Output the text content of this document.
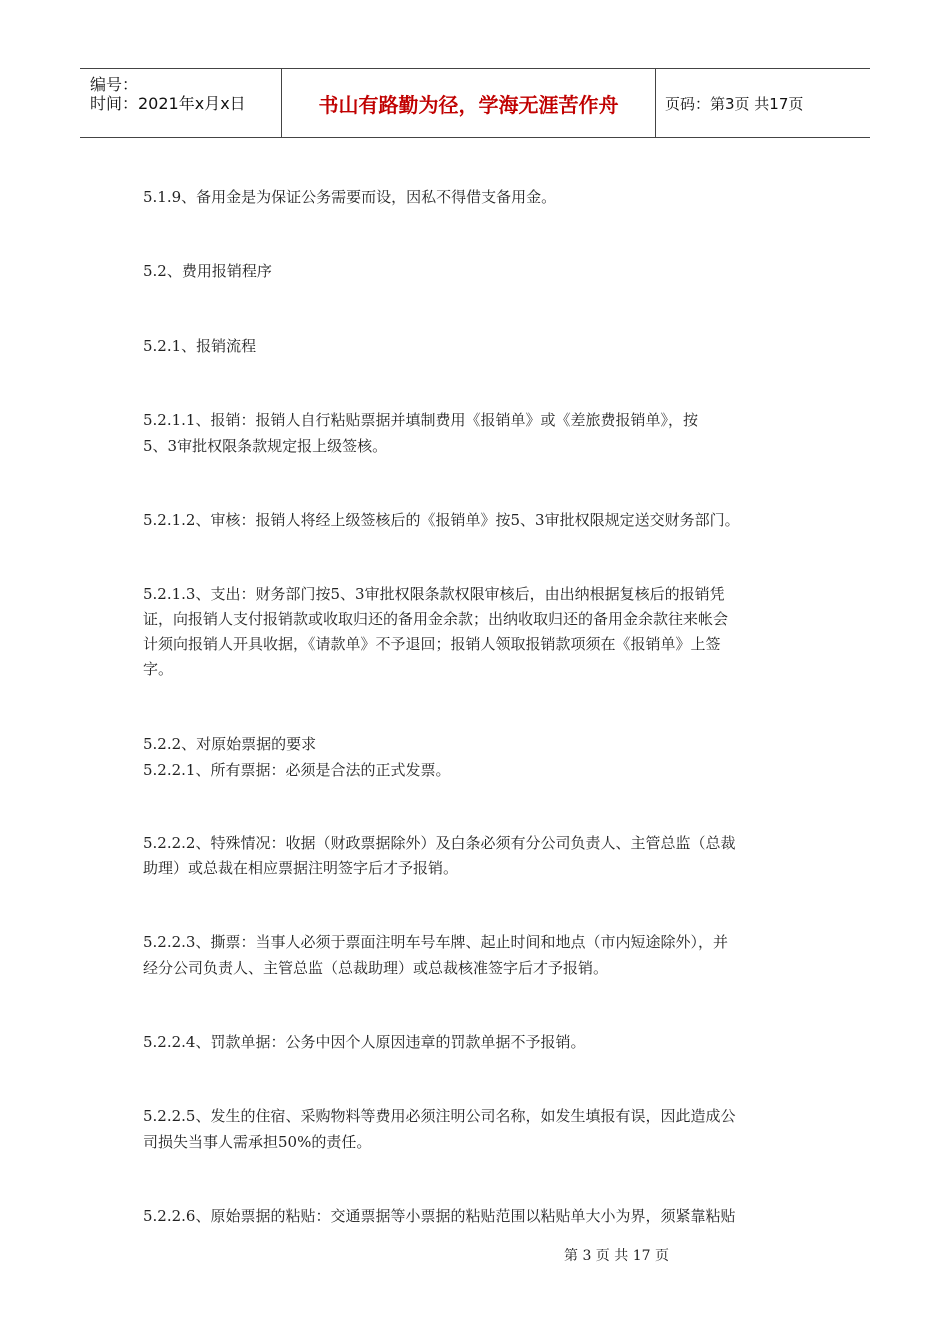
编号：
时间：2021年x月x日	书山有路勤为径，学海无涯苦作舟	页码：第3页 共17页

5.1.9、备用金是为保证公务需要而设，因私不得借支备用金。

5.2、费用报销程序

5.2.1、报销流程

5.2.1.1、报销：报销人自行粘贴票据并填制费用《报销单》或《差旅费报销单》，按

5、3审批权限条款规定报上级签核。

5.2.1.2、审核：报销人将经上级签核后的《报销单》按5、3审批权限规定送交财务部门。

5.2.1.3、支出：财务部门按5、3审批权限条款权限审核后，由出纳根据复核后的报销凭

证，向报销人支付报销款或收取归还的备用金余款；出纳收取归还的备用金余款往来帐会

计须向报销人开具收据，《请款单》不予退回；报销人领取报销款项须在《报销单》上签

字。

5.2.2、对原始票据的要求

5.2.2.1、所有票据：必须是合法的正式发票。

5.2.2.2、特殊情况：收据（财政票据除外）及白条必须有分公司负责人、主管总监（总裁

助理）或总裁在相应票据注明签字后才予报销。

5.2.2.3、撕票：当事人必须于票面注明车号车牌、起止时间和地点（市内短途除外），并

经分公司负责人、主管总监（总裁助理）或总裁核准签字后才予报销。

5.2.2.4、罚款单据：公务中因个人原因违章的罚款单据不予报销。

5.2.2.5、发生的住宿、采购物料等费用必须注明公司名称，如发生填报有误，因此造成公

司损失当事人需承担50%的责任。

5.2.2.6、原始票据的粘贴：交通票据等小票据的粘贴范围以粘贴单大小为界，须紧靠粘贴

第 3 页 共 17 页
